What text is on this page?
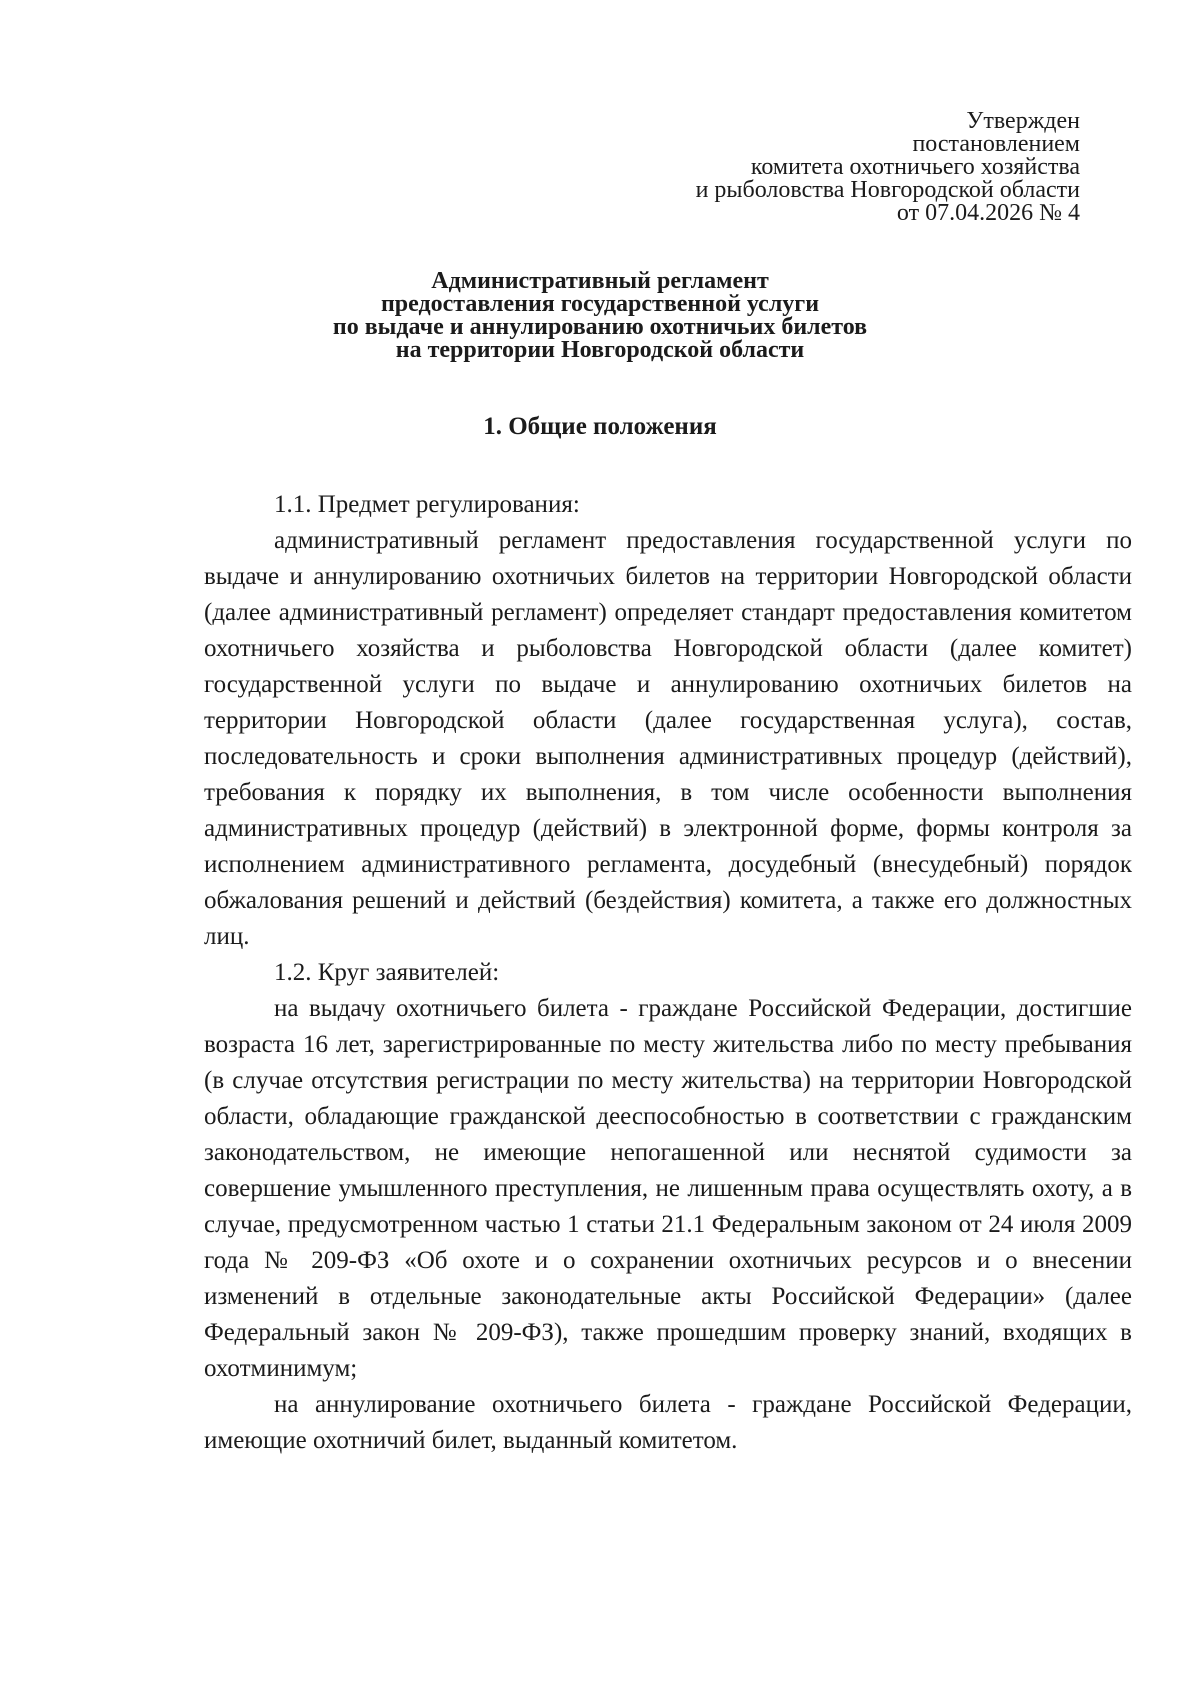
Утвержден
постановлением
комитета охотничьего хозяйства
и рыболовства Новгородской области
от 07.04.2026 № 4
Административный регламент
предоставления государственной услуги
по выдаче и аннулированию охотничьих билетов
на территории Новгородской области
1. Общие положения

1.1. Предмет регулирования:

административный регламент предоставления государственной услуги по выдаче и аннулированию охотничьих билетов на территории Новгородской области (далее административный регламент) определяет стандарт предоставления комитетом охотничьего хозяйства и рыболовства Новгородской области (далее комитет) государственной услуги по выдаче и аннулированию охотничьих билетов на территории Новгородской области (далее государственная услуга), состав, последовательность и сроки выполнения административных процедур (действий), требования к порядку их выполнения, в том числе особенности выполнения административных процедур (действий) в электронной форме, формы контроля за исполнением административного регламента, досудебный (внесудебный) порядок обжалования решений и действий (бездействия) комитета, а также его должностных лиц.

1.2. Круг заявителей:

на выдачу охотничьего билета - граждане Российской Федерации, достигшие возраста 16 лет, зарегистрированные по месту жительства либо по месту пребывания (в случае отсутствия регистрации по месту жительства) на территории Новгородской области, обладающие гражданской дееспособностью в соответствии с гражданским законодательством, не имеющие непогашенной или неснятой судимости за совершение умышленного преступления, не лишенным права осуществлять охоту, а в случае, предусмотренном частью 1 статьи 21.1 Федеральным законом от 24 июля 2009 года № 209-ФЗ «Об охоте и о сохранении охотничьих ресурсов и о внесении изменений в отдельные законодательные акты Российской Федерации» (далее Федеральный закон № 209-ФЗ), также прошедшим проверку знаний, входящих в охотминимум;

на аннулирование охотничьего билета - граждане Российской Федерации, имеющие охотничий билет, выданный комитетом.
